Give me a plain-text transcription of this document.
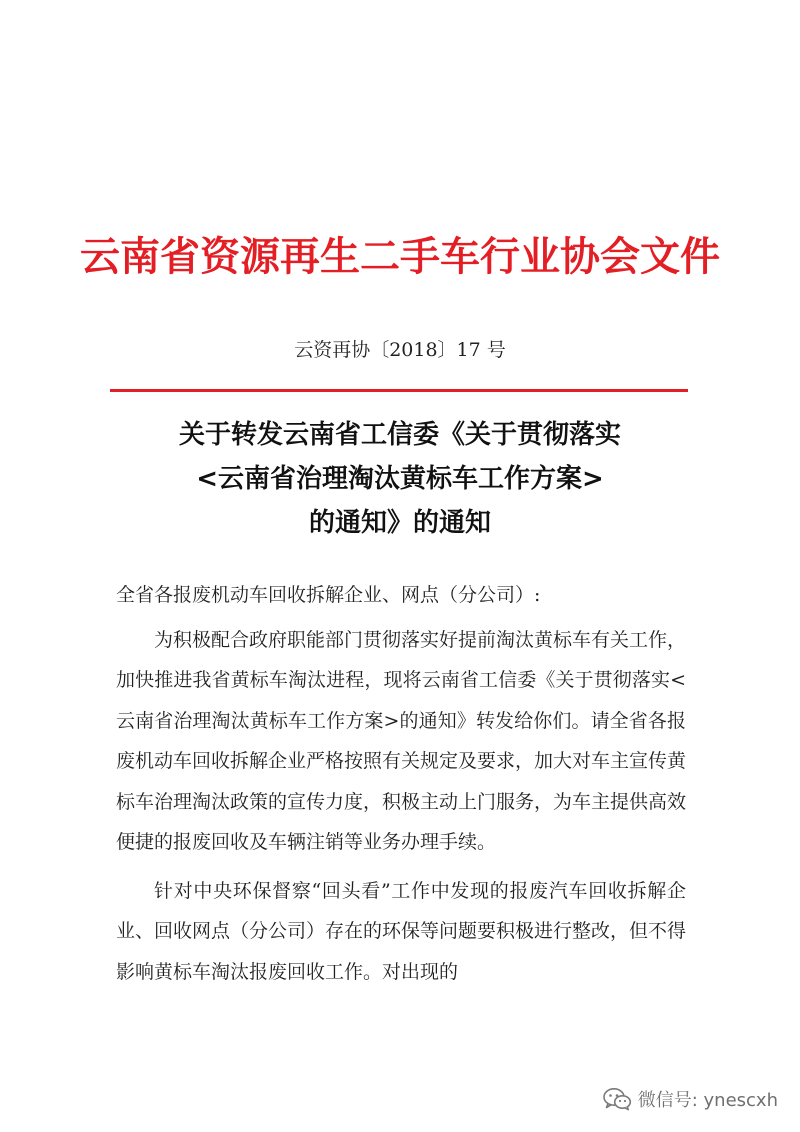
云南省资源再生二手车行业协会文件
云资再协〔2018〕17 号
关于转发云南省工信委《关于贯彻落实
<云南省治理淘汰黄标车工作方案>
的通知》的通知

全省各报废机动车回收拆解企业、网点（分公司）:

为积极配合政府职能部门贯彻落实好提前淘汰黄标车有关工作，加快推进我省黄标车淘汰进程，现将云南省工信委《关于贯彻落实<云南省治理淘汰黄标车工作方案>的通知》转发给你们。请全省各报废机动车回收拆解企业严格按照有关规定及要求，加大对车主宣传黄标车治理淘汰政策的宣传力度，积极主动上门服务，为车主提供高效便捷的报废回收及车辆注销等业务办理手续。

针对中央环保督察“回头看”工作中发现的报废汽车回收拆解企业、回收网点（分公司）存在的环保等问题要积极进行整改，但不得影响黄标车淘汰报废回收工作。对出现的

微信号: ynescxh
